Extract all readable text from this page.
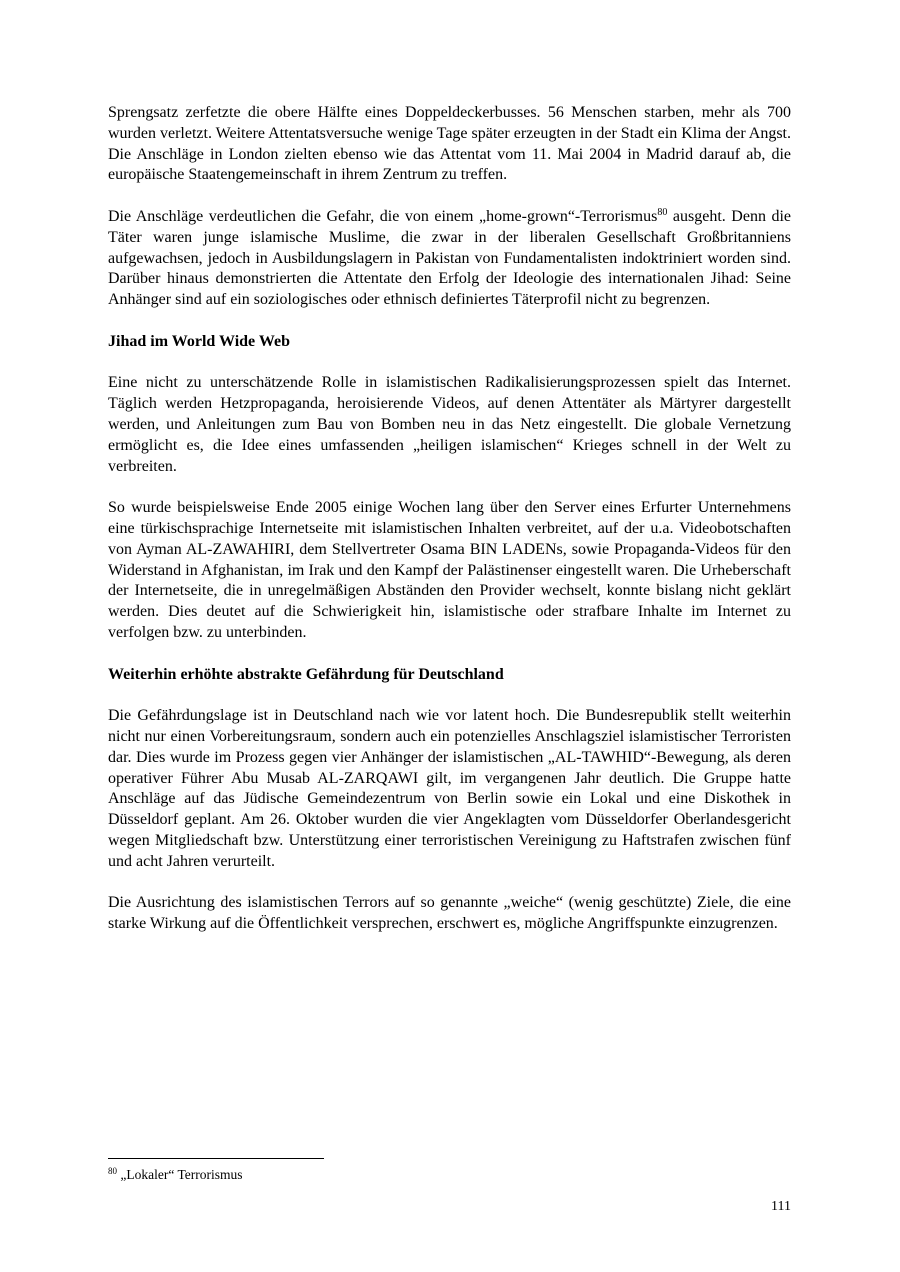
Sprengsatz zerfetzte die obere Hälfte eines Doppeldeckerbusses. 56 Menschen starben, mehr als 700 wurden verletzt. Weitere Attentatsversuche wenige Tage später erzeugten in der Stadt ein Klima der Angst. Die Anschläge in London zielten ebenso wie das Attentat vom 11. Mai 2004 in Madrid darauf ab, die europäische Staatengemeinschaft in ihrem Zentrum zu treffen.

Die Anschläge verdeutlichen die Gefahr, die von einem „home-grown“-Terrorismus$^{80}$ ausgeht. Denn die Täter waren junge islamische Muslime, die zwar in der liberalen Gesellschaft Großbritanniens aufgewachsen, jedoch in Ausbildungslagern in Pakistan von Fundamentalisten indoktriniert worden sind. Darüber hinaus demonstrierten die Attentate den Erfolg der Ideologie des internationalen Jihad: Seine Anhänger sind auf ein soziologisches oder ethnisch definiertes Täterprofil nicht zu begrenzen.

Jihad im World Wide Web

Eine nicht zu unterschätzende Rolle in islamistischen Radikalisierungsprozessen spielt das Internet. Täglich werden Hetzpropaganda, heroisierende Videos, auf denen Attentäter als Märtyrer dargestellt werden, und Anleitungen zum Bau von Bomben neu in das Netz eingestellt. Die globale Vernetzung ermöglicht es, die Idee eines umfassenden „heiligen islamischen“ Krieges schnell in der Welt zu verbreiten.

So wurde beispielsweise Ende 2005 einige Wochen lang über den Server eines Erfurter Unternehmens eine türkischsprachige Internetseite mit islamistischen Inhalten verbreitet, auf der u.a. Videobotschaften von Ayman AL-ZAWAHIRI, dem Stellvertreter Osama BIN LADENs, sowie Propaganda-Videos für den Widerstand in Afghanistan, im Irak und den Kampf der Palästinenser eingestellt waren. Die Urheberschaft der Internetseite, die in unregelmäßigen Abständen den Provider wechselt, konnte bislang nicht geklärt werden. Dies deutet auf die Schwierigkeit hin, islamistische oder strafbare Inhalte im Internet zu verfolgen bzw. zu unterbinden.

Weiterhin erhöhte abstrakte Gefährdung für Deutschland

Die Gefährdungslage ist in Deutschland nach wie vor latent hoch. Die Bundesrepublik stellt weiterhin nicht nur einen Vorbereitungsraum, sondern auch ein potenzielles Anschlagsziel islamistischer Terroristen dar. Dies wurde im Prozess gegen vier Anhänger der islamistischen „AL-TAWHID“-Bewegung, als deren operativer Führer Abu Musab AL-ZARQAWI gilt, im vergangenen Jahr deutlich. Die Gruppe hatte Anschläge auf das Jüdische Gemeindezentrum von Berlin sowie ein Lokal und eine Diskothek in Düsseldorf geplant. Am 26. Oktober wurden die vier Angeklagten vom Düsseldorfer Oberlandesgericht wegen Mitgliedschaft bzw. Unterstützung einer terroristischen Vereinigung zu Haftstrafen zwischen fünf und acht Jahren verurteilt.

Die Ausrichtung des islamistischen Terrors auf so genannte „weiche“ (wenig geschützte) Ziele, die eine starke Wirkung auf die Öffentlichkeit versprechen, erschwert es, mögliche Angriffspunkte einzugrenzen.

$^{80}$ „Lokaler“ Terrorismus
111
